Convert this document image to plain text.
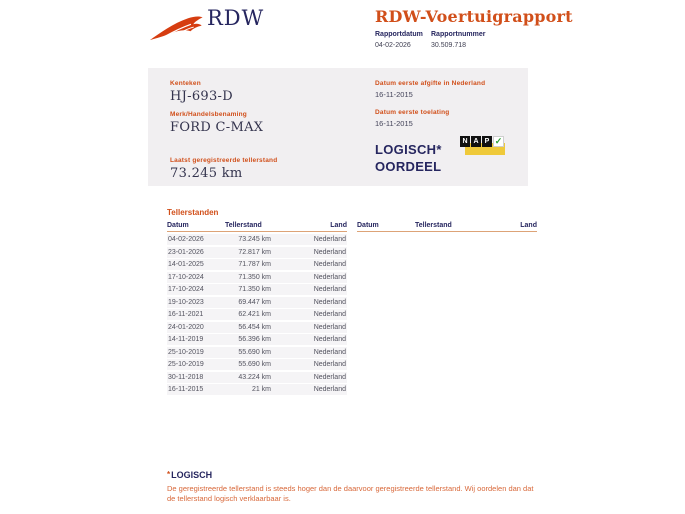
RDW	RDW-Voertuigrapport
Rapportdatum
04-02-2026
Rapportnummer
30.509.718
Kenteken
HJ-693-D
Merk/Handelsbenaming
FORD C-MAX
Laatst geregistreerde tellerstand
73.245 km
Datum eerste afgifte in Nederland
16-11-2015
Datum eerste toelating
16-11-2015
LOGISCH*
OORDEEL
N A P ✓
Tellerstanden
Datum	Tellerstand	Land
04-02-2026	73.245 km	Nederland
23-01-2026	72.817 km	Nederland
14-01-2025	71.787 km	Nederland
17-10-2024	71.350 km	Nederland
17-10-2024	71.350 km	Nederland
19-10-2023	69.447 km	Nederland
16-11-2021	62.421 km	Nederland
24-01-2020	56.454 km	Nederland
14-11-2019	56.396 km	Nederland
25-10-2019	55.690 km	Nederland
25-10-2019	55.690 km	Nederland
30-11-2018	43.224 km	Nederland
16-11-2015	21 km	Nederland
Datum	Tellerstand	Land
*LOGISCH
De geregistreerde tellerstand is steeds hoger dan de daarvoor geregistreerde tellerstand. Wij oordelen dan dat de tellerstand logisch verklaarbaar is.
